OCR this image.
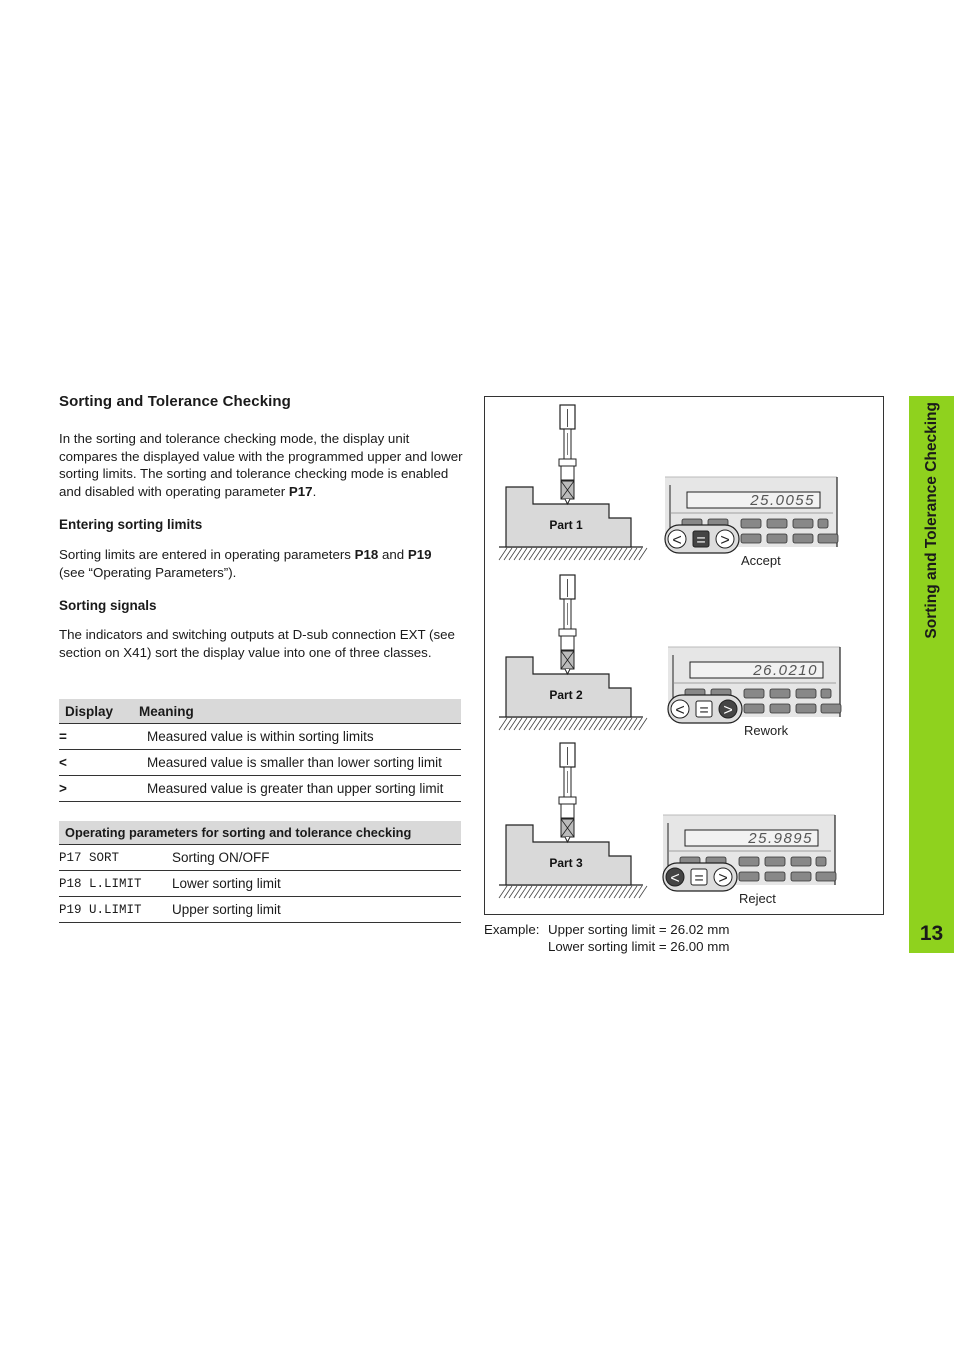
Sorting and Tolerance Checking

In the sorting and tolerance checking mode, the display unit compares the displayed value with the programmed upper and lower sorting limits. The sorting and tolerance checking mode is enabled and disabled with operating parameter P17.

Entering sorting limits

Sorting limits are entered in operating parameters P18 and P19
(see “Operating Parameters”).

Sorting signals

The indicators and switching outputs at D-sub connection EXT (see section on X41) sort the display value into one of three classes.

Display	Meaning
=	Measured value is within sorting limits
<	Measured value is smaller than lower sorting limit
>	Measured value is greater than upper sorting limit
Operating parameters for sorting and tolerance checking	
P17 SORT	Sorting ON/OFF
P18 L.LIMIT	Lower sorting limit
P19 U.LIMIT	Upper sorting limit
Part 1
25.0055
< = >
Accept
Part 2
26.0210
< = >
Rework
Part 3
25.9895
< = >
Reject
Example: Upper sorting limit = 26.02 mm
Lower sorting limit = 26.00 mm
Sorting and Tolerance Checking
13
